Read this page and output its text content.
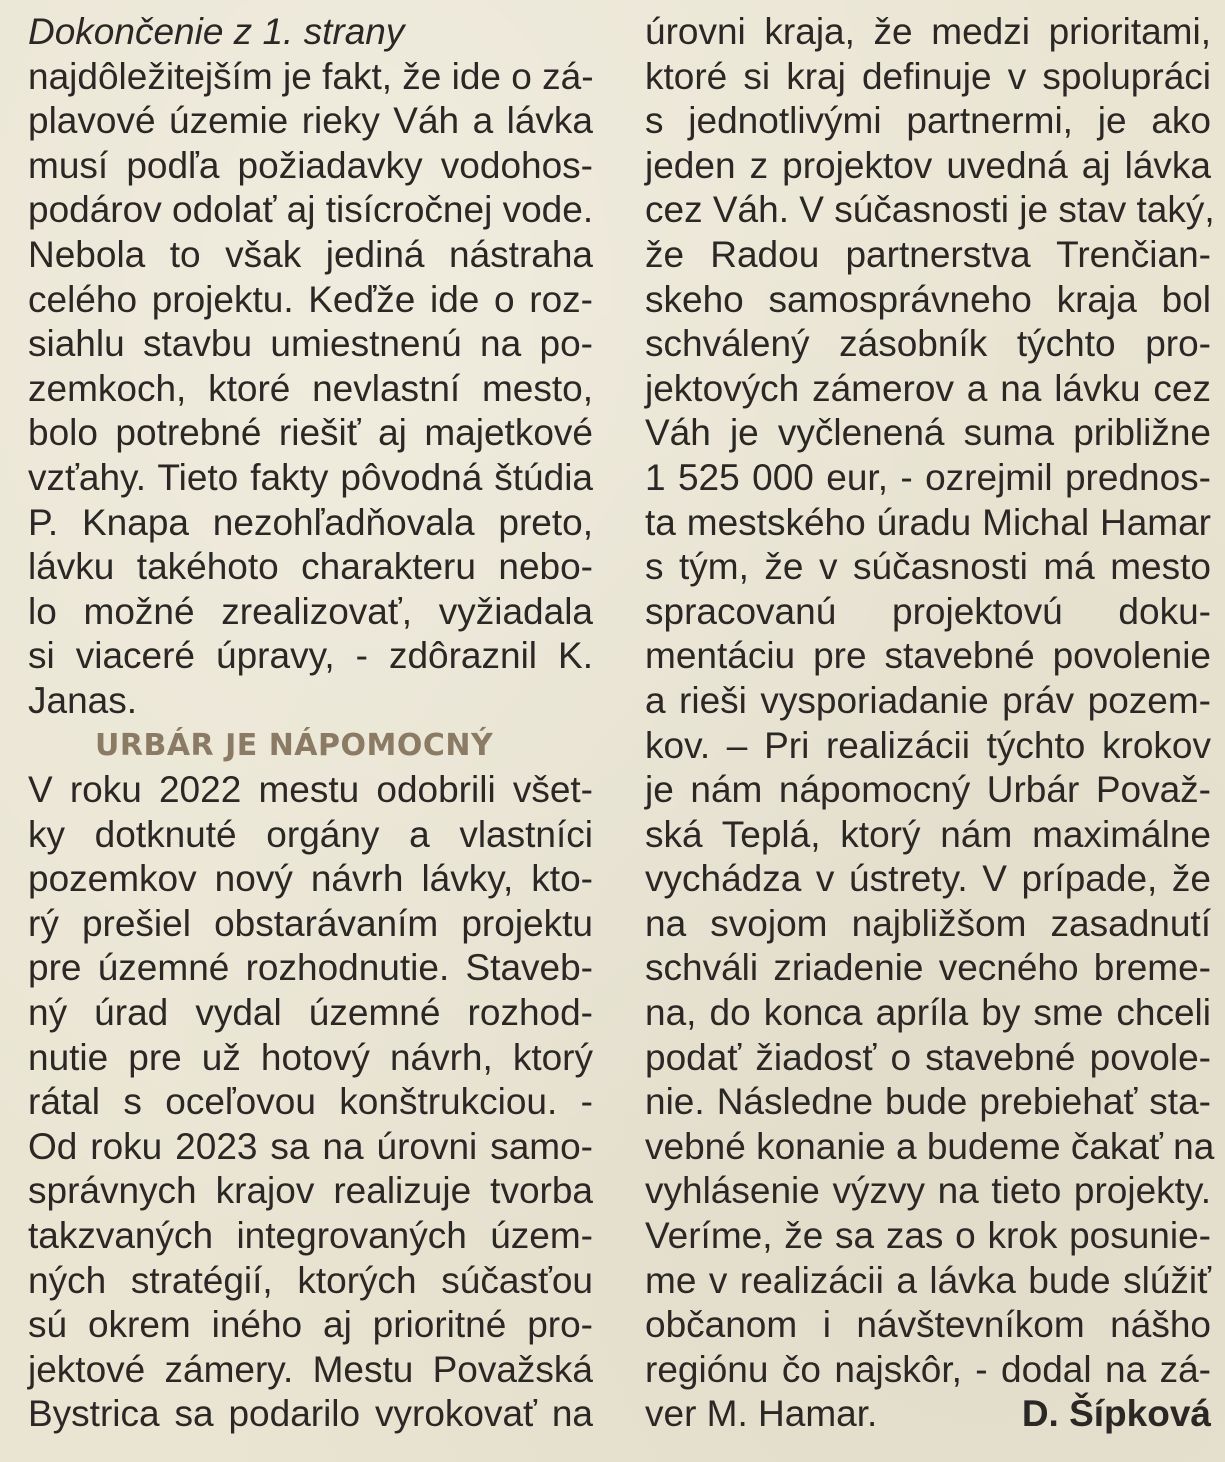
Dokončenie z 1. strany
najdôležitejším je fakt, že ide o zá-
plavové územie rieky Váh a lávka
musí podľa požiadavky vodohos-
podárov odolať aj tisícročnej vode.
Nebola to však jediná nástraha
celého projektu. Keďže ide o roz-
siahlu stavbu umiestnenú na po-
zemkoch, ktoré nevlastní mesto,
bolo potrebné riešiť aj majetkové
vzťahy. Tieto fakty pôvodná štúdia
P. Knapa nezohľadňovala preto,
lávku takéhoto charakteru nebo-
lo možné zrealizovať, vyžiadala
si viaceré úpravy, - zdôraznil K.
Janas.
URBÁR JE NÁPOMOCNÝ
V roku 2022 mestu odobrili všet-
ky dotknuté orgány a vlastníci
pozemkov nový návrh lávky, kto-
rý prešiel obstarávaním projektu
pre územné rozhodnutie. Staveb-
ný úrad vydal územné rozhod-
nutie pre už hotový návrh, ktorý
rátal s oceľovou konštrukciou. -
Od roku 2023 sa na úrovni samo-
správnych krajov realizuje tvorba
takzvaných integrovaných územ-
ných stratégií, ktorých súčasťou
sú okrem iného aj prioritné pro-
jektové zámery. Mestu Považská
Bystrica sa podarilo vyrokovať na
úrovni kraja, že medzi prioritami,
ktoré si kraj definuje v spolupráci
s jednotlivými partnermi, je ako
jeden z projektov uvedná aj lávka
cez Váh. V súčasnosti je stav taký,
že Radou partnerstva Trenčian-
skeho samosprávneho kraja bol
schválený zásobník týchto pro-
jektových zámerov a na lávku cez
Váh je vyčlenená suma približne
1 525 000 eur, - ozrejmil prednos-
ta mestského úradu Michal Hamar
s tým, že v súčasnosti má mesto
spracovanú projektovú doku-
mentáciu pre stavebné povolenie
a rieši vysporiadanie práv pozem-
kov. – Pri realizácii týchto krokov
je nám nápomocný Urbár Považ-
ská Teplá, ktorý nám maximálne
vychádza v ústrety. V prípade, že
na svojom najbližšom zasadnutí
schváli zriadenie vecného breme-
na, do konca apríla by sme chceli
podať žiadosť o stavebné povole-
nie. Následne bude prebiehať sta-
vebné konanie a budeme čakať na
vyhlásenie výzvy na tieto projekty.
Veríme, že sa zas o krok posunie-
me v realizácii a lávka bude slúžiť
občanom i návštevníkom nášho
regiónu čo najskôr, - dodal na zá-
ver M. Hamar.	D. Šípková
